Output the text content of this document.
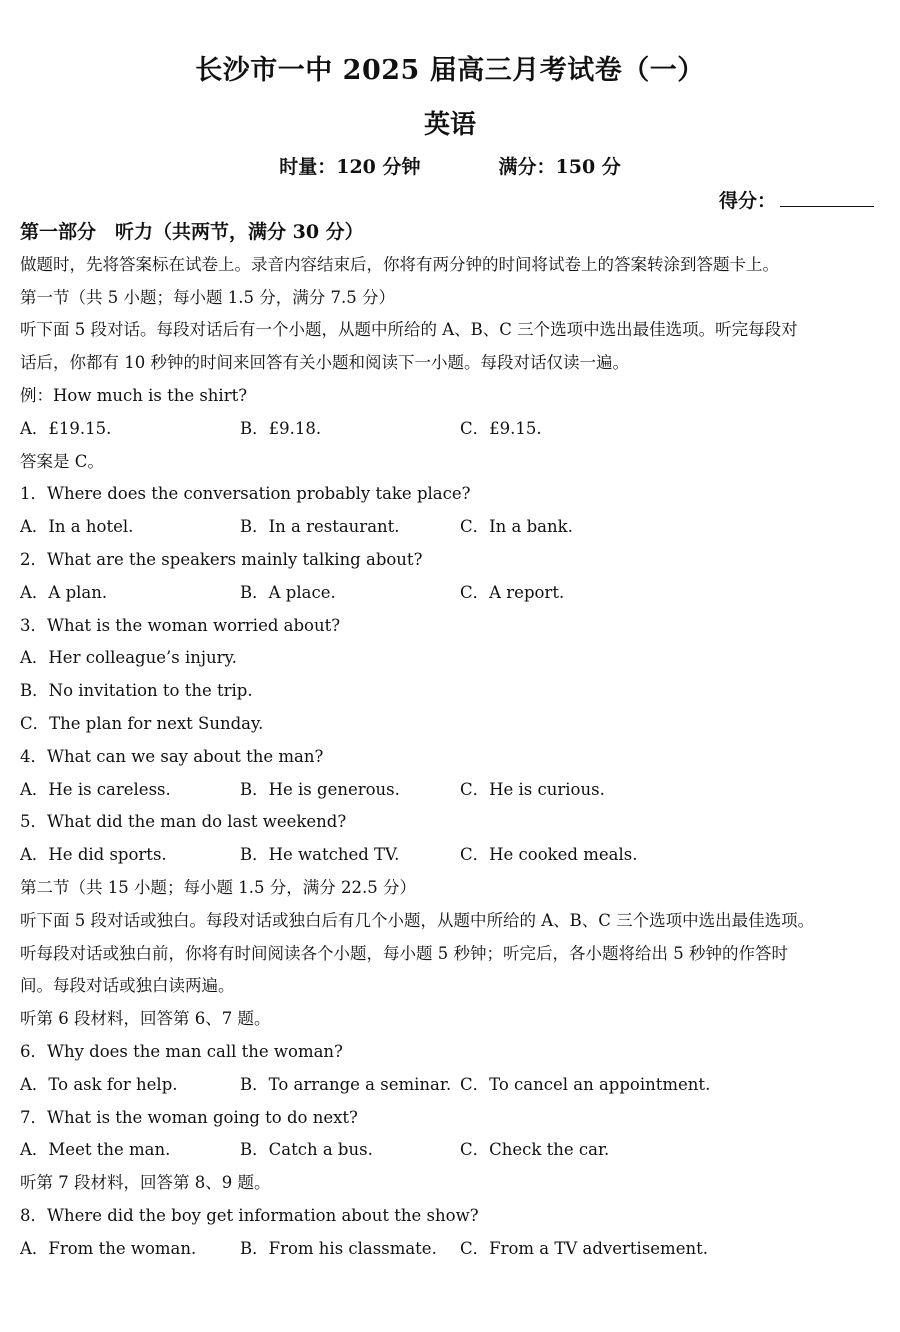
长沙市一中 2025 届高三月考试卷（一）
英语
时量：120 分钟	满分：150 分
得分：
第一部分　听力（共两节，满分 30 分）
做题时，先将答案标在试卷上。录音内容结束后，你将有两分钟的时间将试卷上的答案转涂到答题卡上。
第一节（共 5 小题；每小题 1.5 分，满分 7.5 分）
听下面 5 段对话。每段对话后有一个小题，从题中所给的 A、B、C 三个选项中选出最佳选项。听完每段对
话后，你都有 10 秒钟的时间来回答有关小题和阅读下一小题。每段对话仅读一遍。
例：How much is the shirt?
A．£19.15.	B．£9.18.	C．£9.15.
答案是 C。
1．Where does the conversation probably take place?
A．In a hotel.	B．In a restaurant.	C．In a bank.
2．What are the speakers mainly talking about?
A．A plan.	B．A place.	C．A report.
3．What is the woman worried about?
A．Her colleague’s injury.
B．No invitation to the trip.
C．The plan for next Sunday.
4．What can we say about the man?
A．He is careless.	B．He is generous.	C．He is curious.
5．What did the man do last weekend?
A．He did sports.	B．He watched TV.	C．He cooked meals.
第二节（共 15 小题；每小题 1.5 分，满分 22.5 分）
听下面 5 段对话或独白。每段对话或独白后有几个小题，从题中所给的 A、B、C 三个选项中选出最佳选项。
听每段对话或独白前，你将有时间阅读各个小题，每小题 5 秒钟；听完后，各小题将给出 5 秒钟的作答时
间。每段对话或独白读两遍。
听第 6 段材料，回答第 6、7 题。
6．Why does the man call the woman?
A．To ask for help.	B．To arrange a seminar. C．To cancel an appointment.
7．What is the woman going to do next?
A．Meet the man.	B．Catch a bus.	C．Check the car.
听第 7 段材料，回答第 8、9 题。
8．Where did the boy get information about the show?
A．From the woman.	B．From his classmate.	C．From a TV advertisement.
